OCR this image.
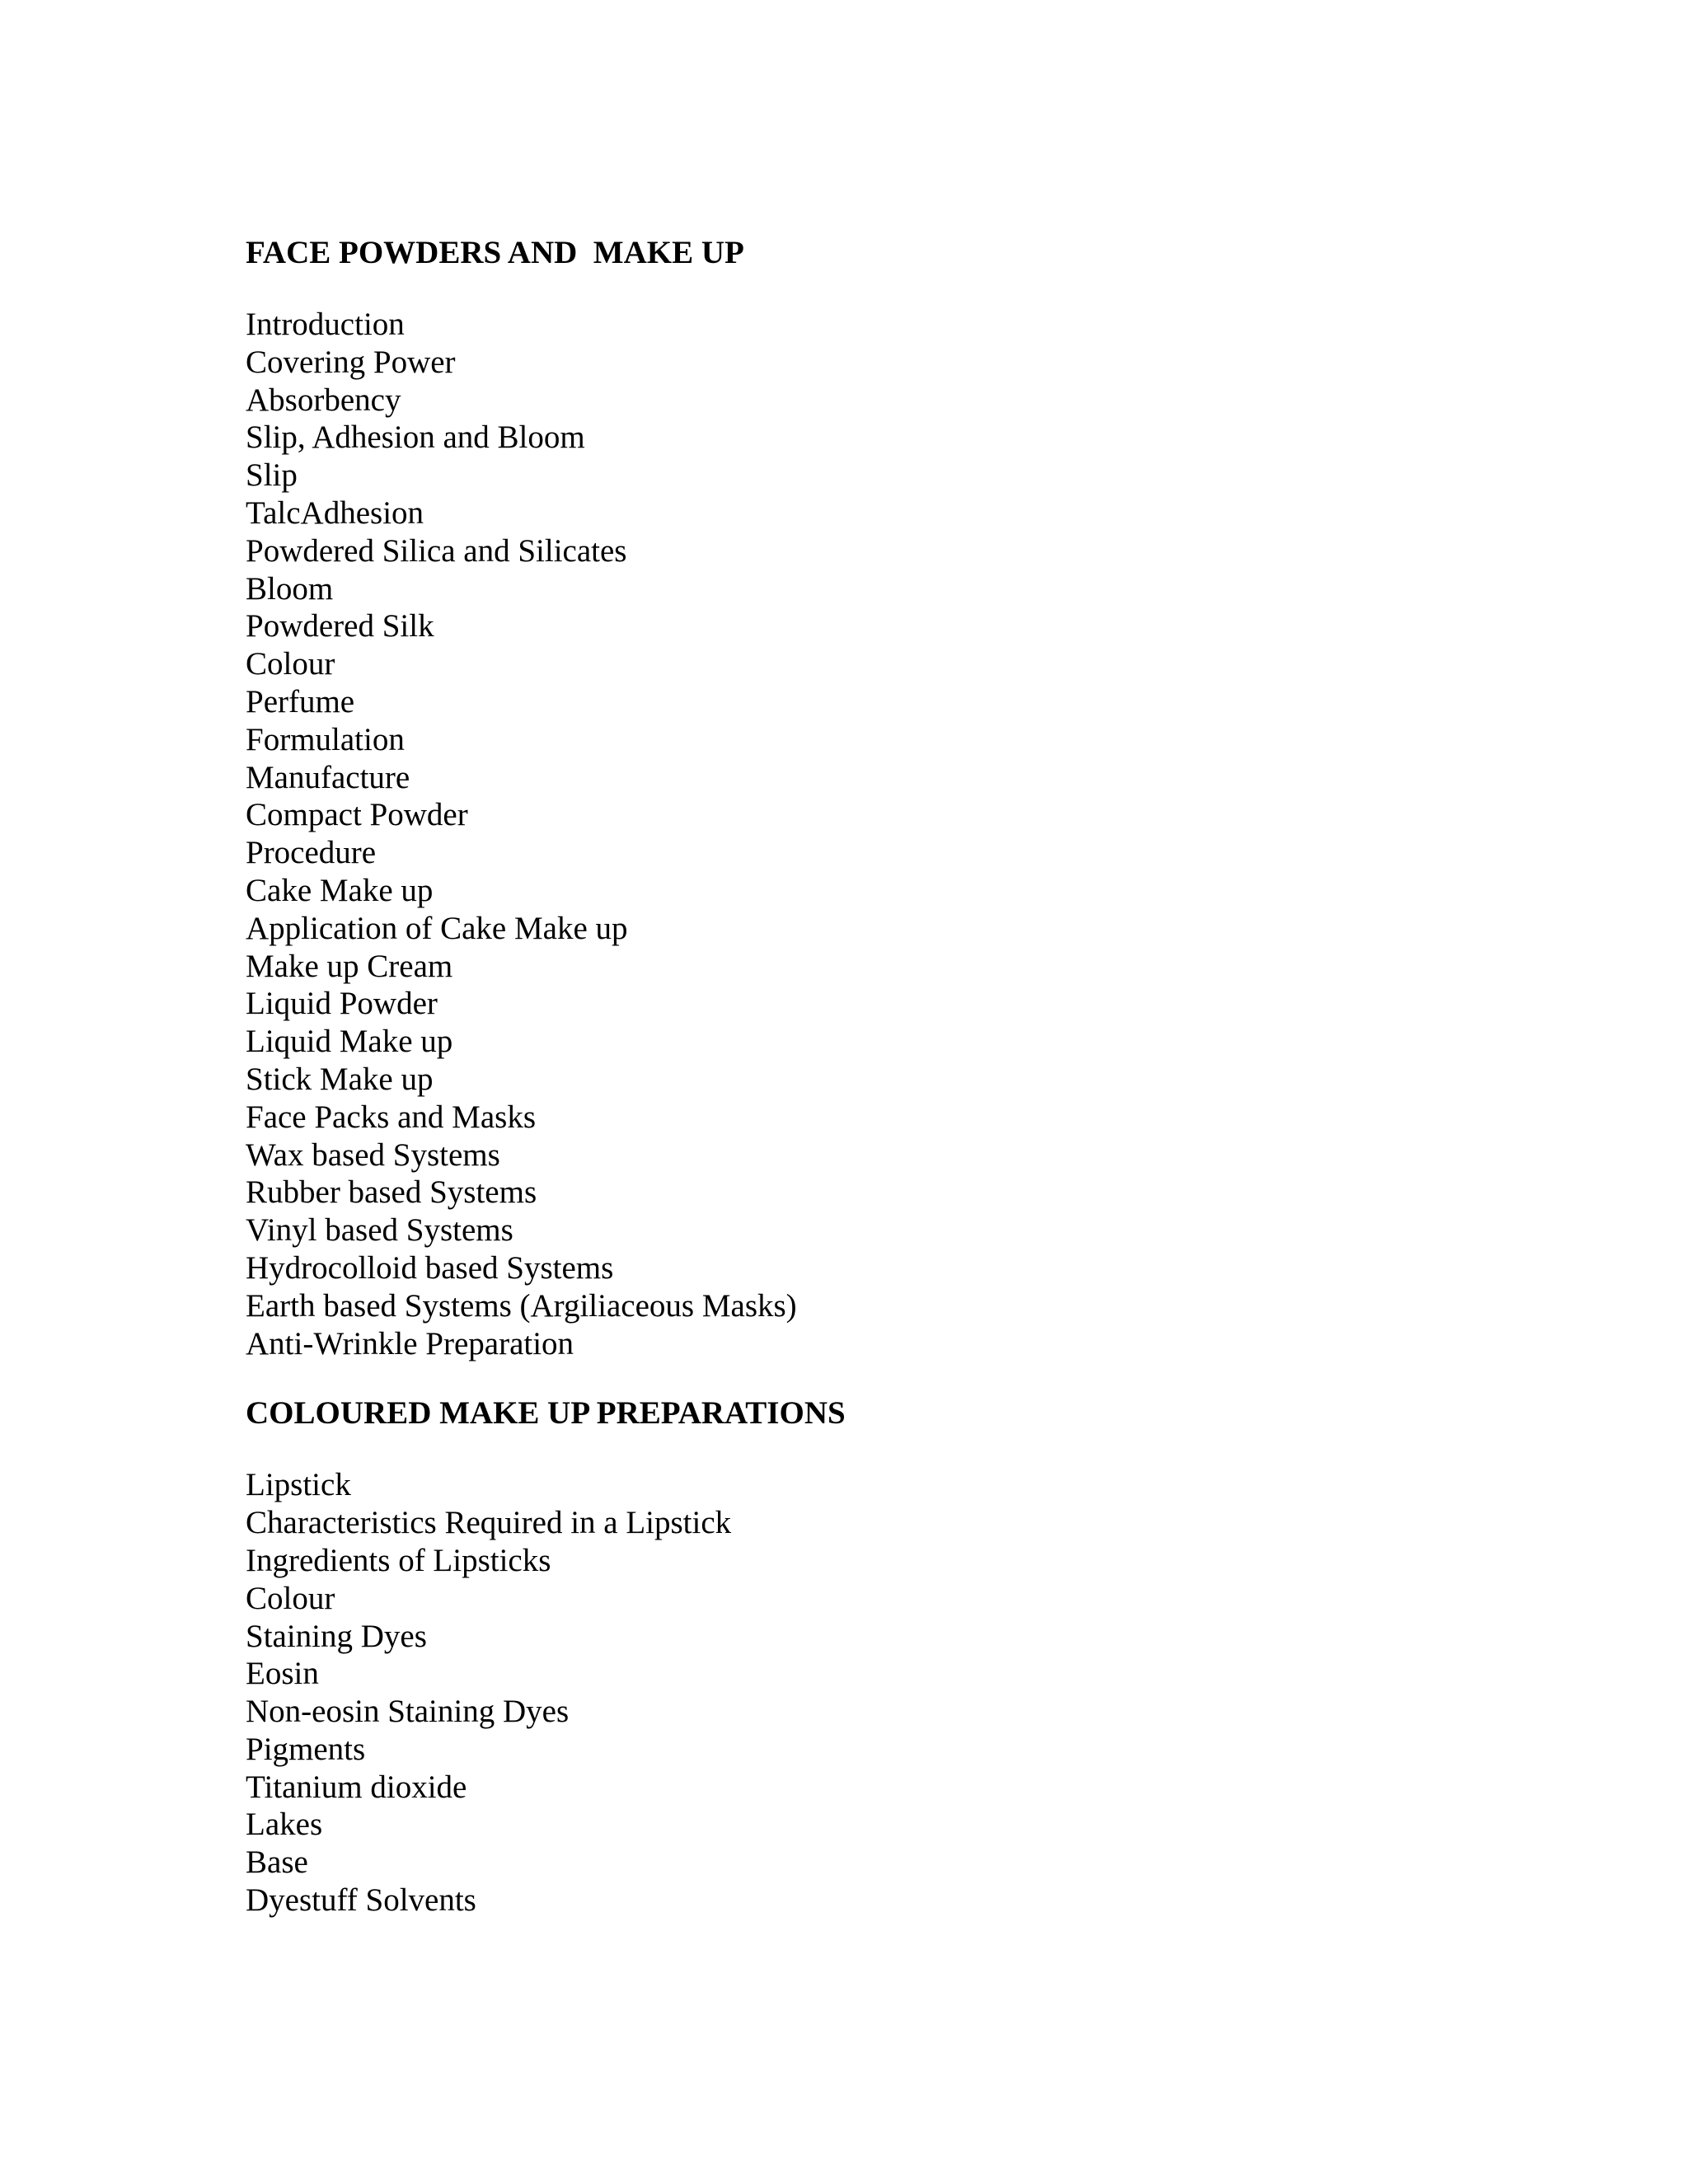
FACE POWDERS AND  MAKE UP
Introduction
Covering Power
Absorbency
Slip, Adhesion and Bloom
Slip
TalcAdhesion
Powdered Silica and Silicates
Bloom
Powdered Silk
Colour
Perfume
Formulation
Manufacture
Compact Powder
Procedure
Cake Make up
Application of Cake Make up
Make up Cream
Liquid Powder
Liquid Make up
Stick Make up
Face Packs and Masks
Wax based Systems
Rubber based Systems
Vinyl based Systems
Hydrocolloid based Systems
Earth based Systems (Argiliaceous Masks)
Anti-Wrinkle Preparation
COLOURED MAKE UP PREPARATIONS
Lipstick
Characteristics Required in a Lipstick
Ingredients of Lipsticks
Colour
Staining Dyes
Eosin
Non-eosin Staining Dyes
Pigments
Titanium dioxide
Lakes
Base
Dyestuff Solvents
